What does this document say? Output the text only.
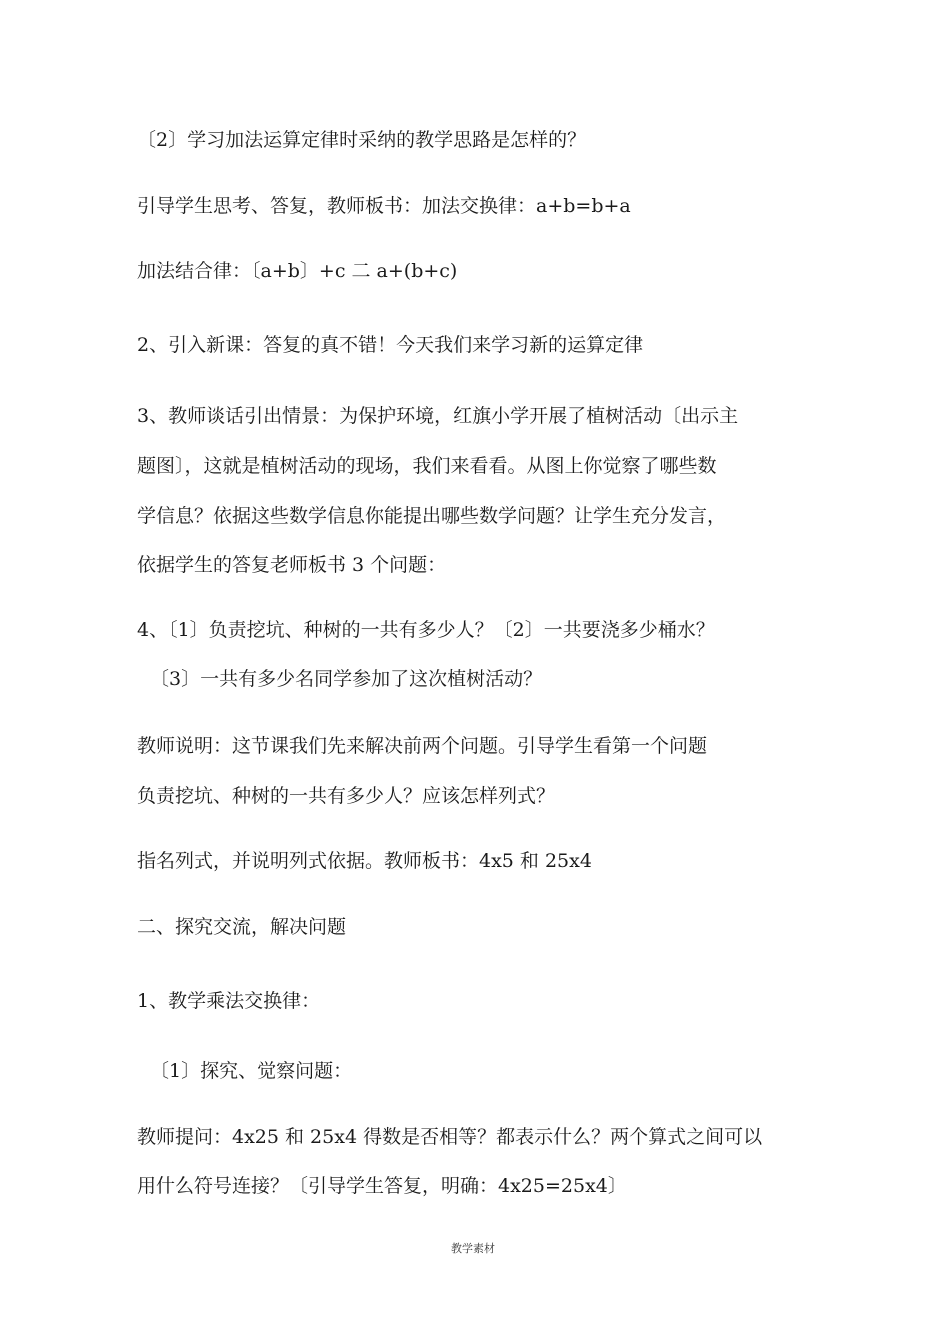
〔2〕学习加法运算定律时采纳的教学思路是怎样的？

引导学生思考、答复，教师板书：加法交换律：a+b=b+a

加法结合律：〔a+b〕+c 二 a+(b+c)

2、引入新课：答复的真不错！今天我们来学习新的运算定律

3、教师谈话引出情景：为保护环境，红旗小学开展了植树活动〔出示主

题图〕，这就是植树活动的现场，我们来看看。从图上你觉察了哪些数

学信息？依据这些数学信息你能提出哪些数学问题？让学生充分发言，

依据学生的答复老师板书 3 个问题：

4、〔1〕负责挖坑、种树的一共有多少人？〔2〕一共要浇多少桶水？

〔3〕一共有多少名同学参加了这次植树活动？

教师说明：这节课我们先来解决前两个问题。引导学生看第一个问题

负责挖坑、种树的一共有多少人？应该怎样列式？

指名列式，并说明列式依据。教师板书：4x5 和 25x4

二、探究交流，解决问题

1、教学乘法交换律：

〔1〕探究、觉察问题：

教师提问：4x25 和 25x4 得数是否相等？都表示什么？两个算式之间可以

用什么符号连接？〔引导学生答复，明确：4x25=25x4〕

教学素材
